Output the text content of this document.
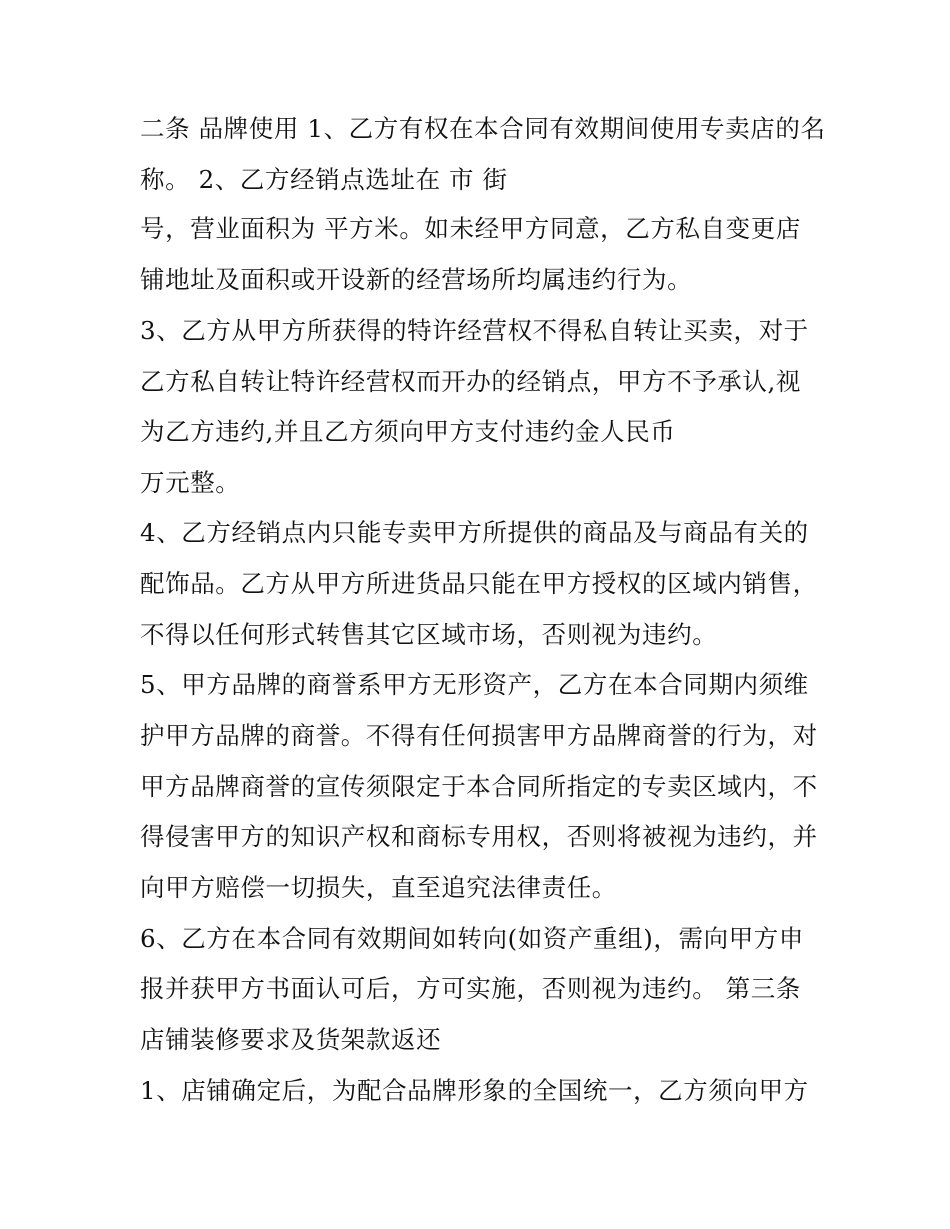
二条 品牌使用 1、乙方有权在本合同有效期间使用专卖店的名
称。 2、乙方经销点选址在 市 街
号，营业面积为 平方米。如未经甲方同意，乙方私自变更店
铺地址及面积或开设新的经营场所均属违约行为。
3、乙方从甲方所获得的特许经营权不得私自转让买卖，对于
乙方私自转让特许经营权而开办的经销点，甲方不予承认,视
为乙方违约,并且乙方须向甲方支付违约金人民币
万元整。
4、乙方经销点内只能专卖甲方所提供的商品及与商品有关的
配饰品。乙方从甲方所进货品只能在甲方授权的区域内销售，
不得以任何形式转售其它区域市场，否则视为违约。
5、甲方品牌的商誉系甲方无形资产，乙方在本合同期内须维
护甲方品牌的商誉。不得有任何损害甲方品牌商誉的行为，对
甲方品牌商誉的宣传须限定于本合同所指定的专卖区域内，不
得侵害甲方的知识产权和商标专用权，否则将被视为违约，并
向甲方赔偿一切损失，直至追究法律责任。
6、乙方在本合同有效期间如转向(如资产重组)，需向甲方申
报并获甲方书面认可后，方可实施，否则视为违约。 第三条
店铺装修要求及货架款返还
1、店铺确定后，为配合品牌形象的全国统一，乙方须向甲方
